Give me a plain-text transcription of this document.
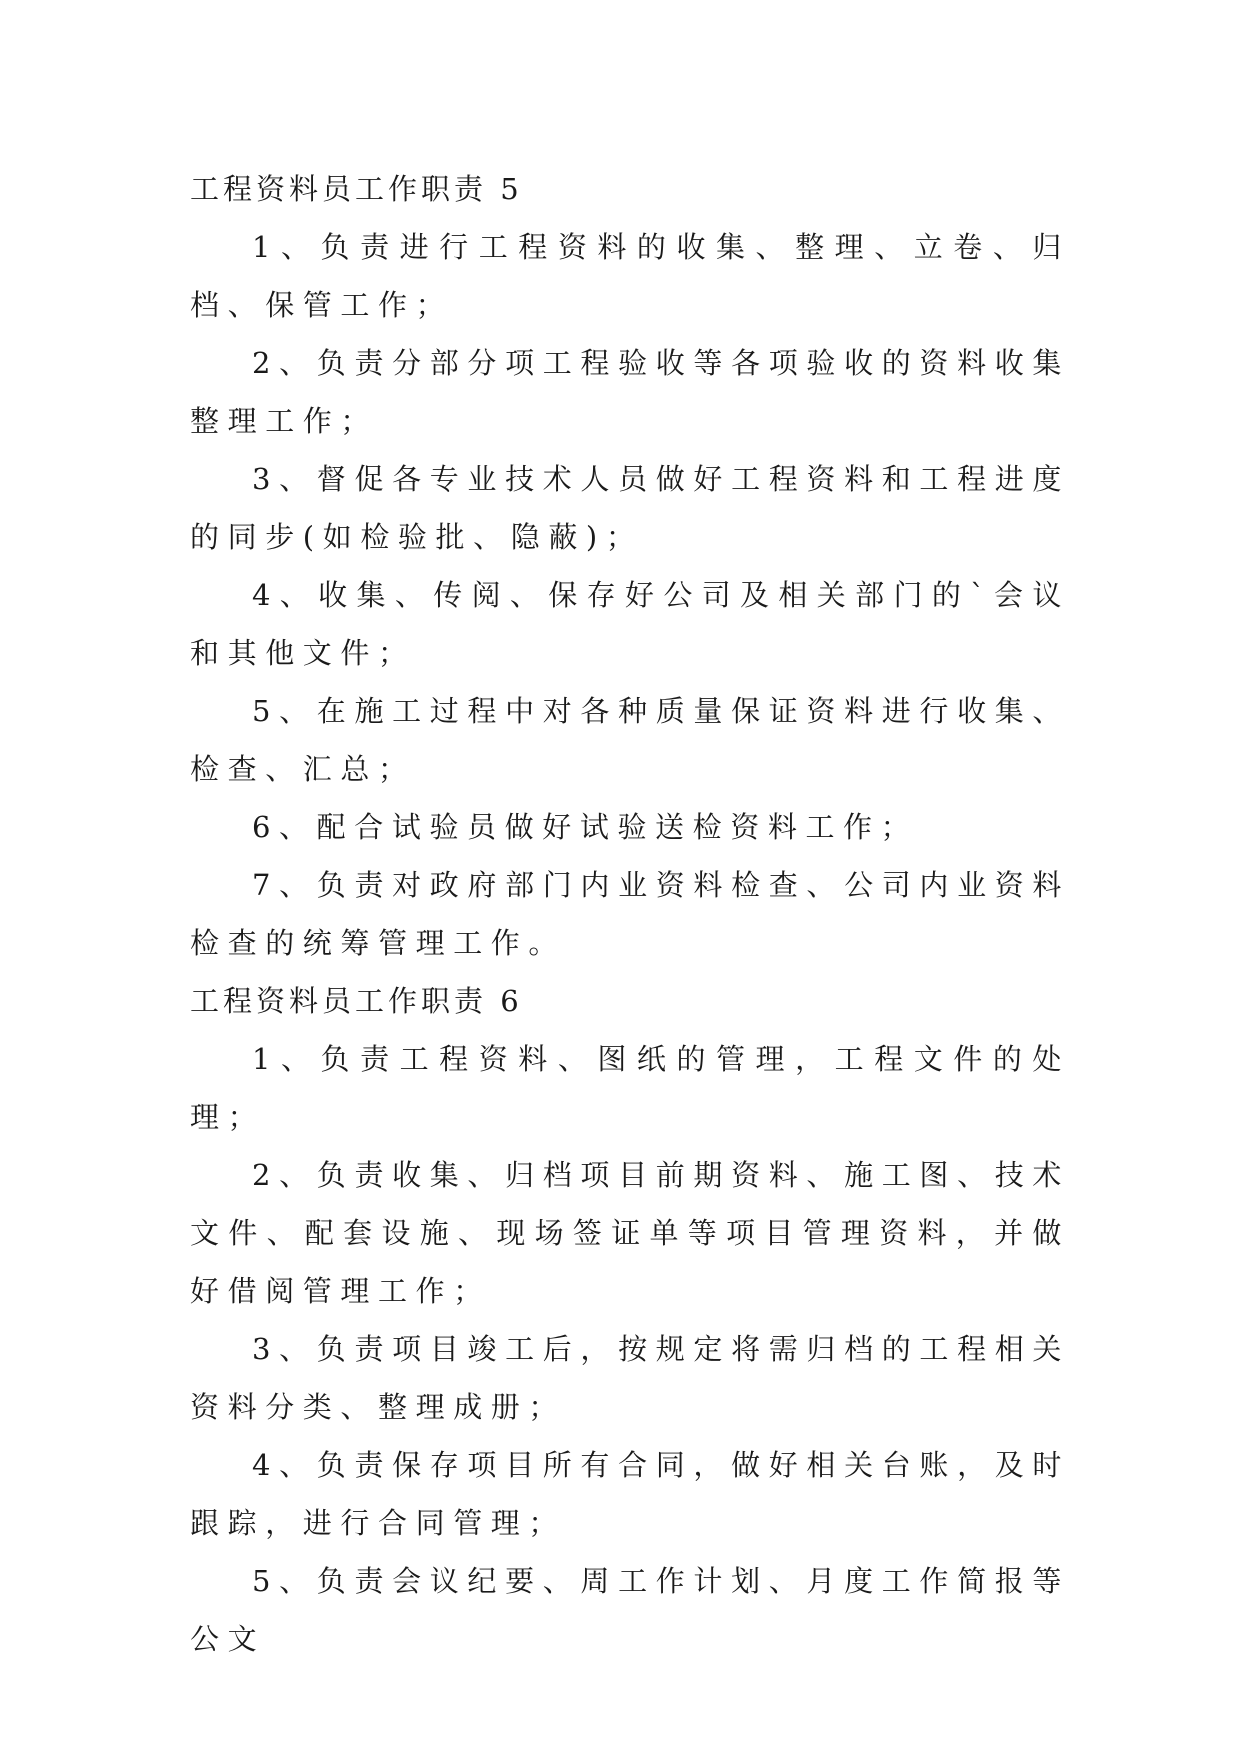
工程资料员工作职责 5

1、负责进行工程资料的收集、整理、立卷、归档、保管工作；

2、负责分部分项工程验收等各项验收的资料收集整理工作；

3、督促各专业技术人员做好工程资料和工程进度的同步(如检验批、隐蔽)；

4、收集、传阅、保存好公司及相关部门的`会议和其他文件；

5、在施工过程中对各种质量保证资料进行收集、检查、汇总；

6、配合试验员做好试验送检资料工作；

7、负责对政府部门内业资料检查、公司内业资料检查的统筹管理工作。

工程资料员工作职责 6

1、负责工程资料、图纸的管理，工程文件的处理；

2、负责收集、归档项目前期资料、施工图、技术文件、配套设施、现场签证单等项目管理资料，并做好借阅管理工作；

3、负责项目竣工后，按规定将需归档的工程相关资料分类、整理成册；

4、负责保存项目所有合同，做好相关台账，及时跟踪，进行合同管理；

5、负责会议纪要、周工作计划、月度工作简报等公文
